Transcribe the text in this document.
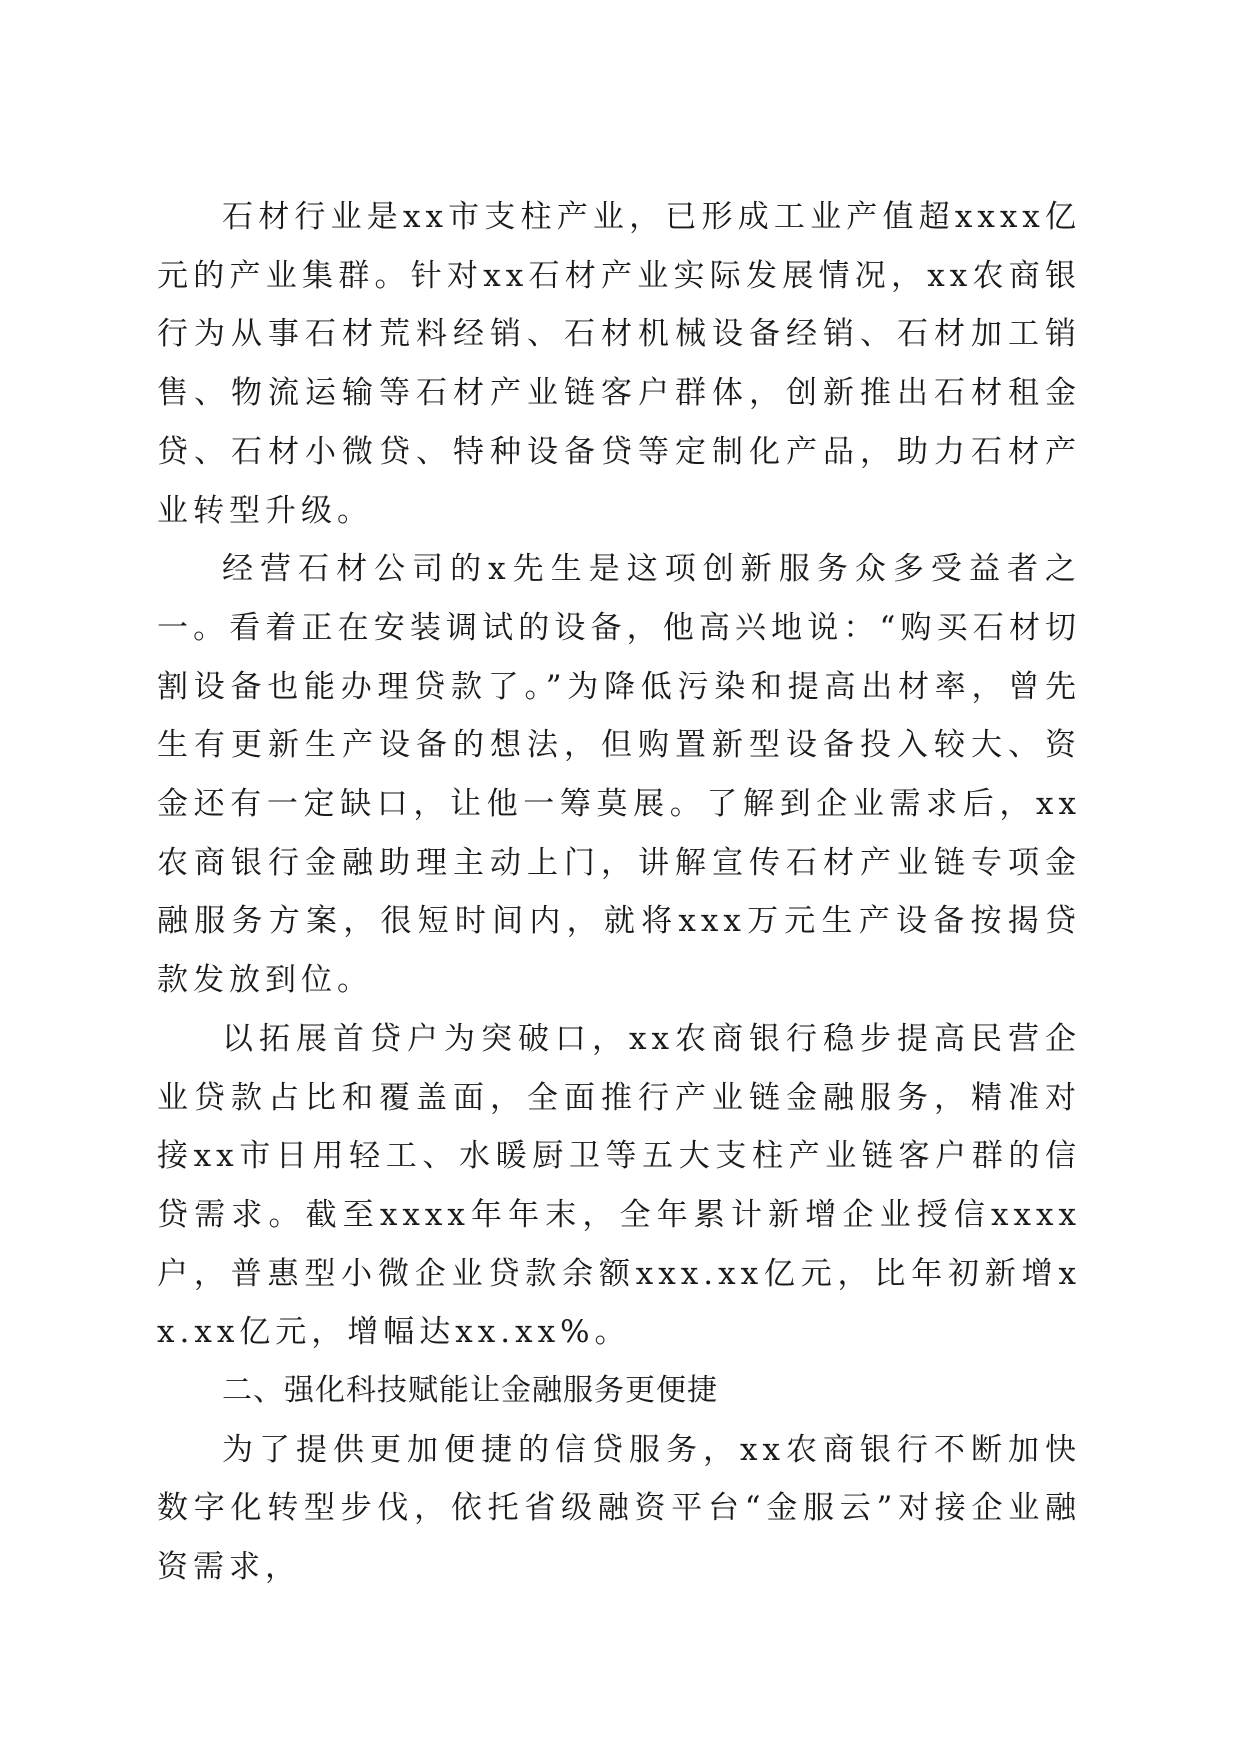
石材行业是xx市支柱产业，已形成工业产值超xxxx亿元的产业集群。针对xx石材产业实际发展情况，xx农商银行为从事石材荒料经销、石材机械设备经销、石材加工销售、物流运输等石材产业链客户群体，创新推出石材租金贷、石材小微贷、特种设备贷等定制化产品，助力石材产业转型升级。

经营石材公司的x先生是这项创新服务众多受益者之一。看着正在安装调试的设备，他高兴地说：“购买石材切割设备也能办理贷款了。”为降低污染和提高出材率，曾先生有更新生产设备的想法，但购置新型设备投入较大、资金还有一定缺口，让他一筹莫展。了解到企业需求后，xx农商银行金融助理主动上门，讲解宣传石材产业链专项金融服务方案，很短时间内，就将xxx万元生产设备按揭贷款发放到位。

以拓展首贷户为突破口，xx农商银行稳步提高民营企业贷款占比和覆盖面，全面推行产业链金融服务，精准对接xx市日用轻工、水暖厨卫等五大支柱产业链客户群的信贷需求。截至xxxx年年末，全年累计新增企业授信xxxx户，普惠型小微企业贷款余额xxx.xx亿元，比年初新增xx.xx亿元，增幅达xx.xx%。

二、强化科技赋能让金融服务更便捷

为了提供更加便捷的信贷服务，xx农商银行不断加快数字化转型步伐，依托省级融资平台“金服云”对接企业融资需求，
